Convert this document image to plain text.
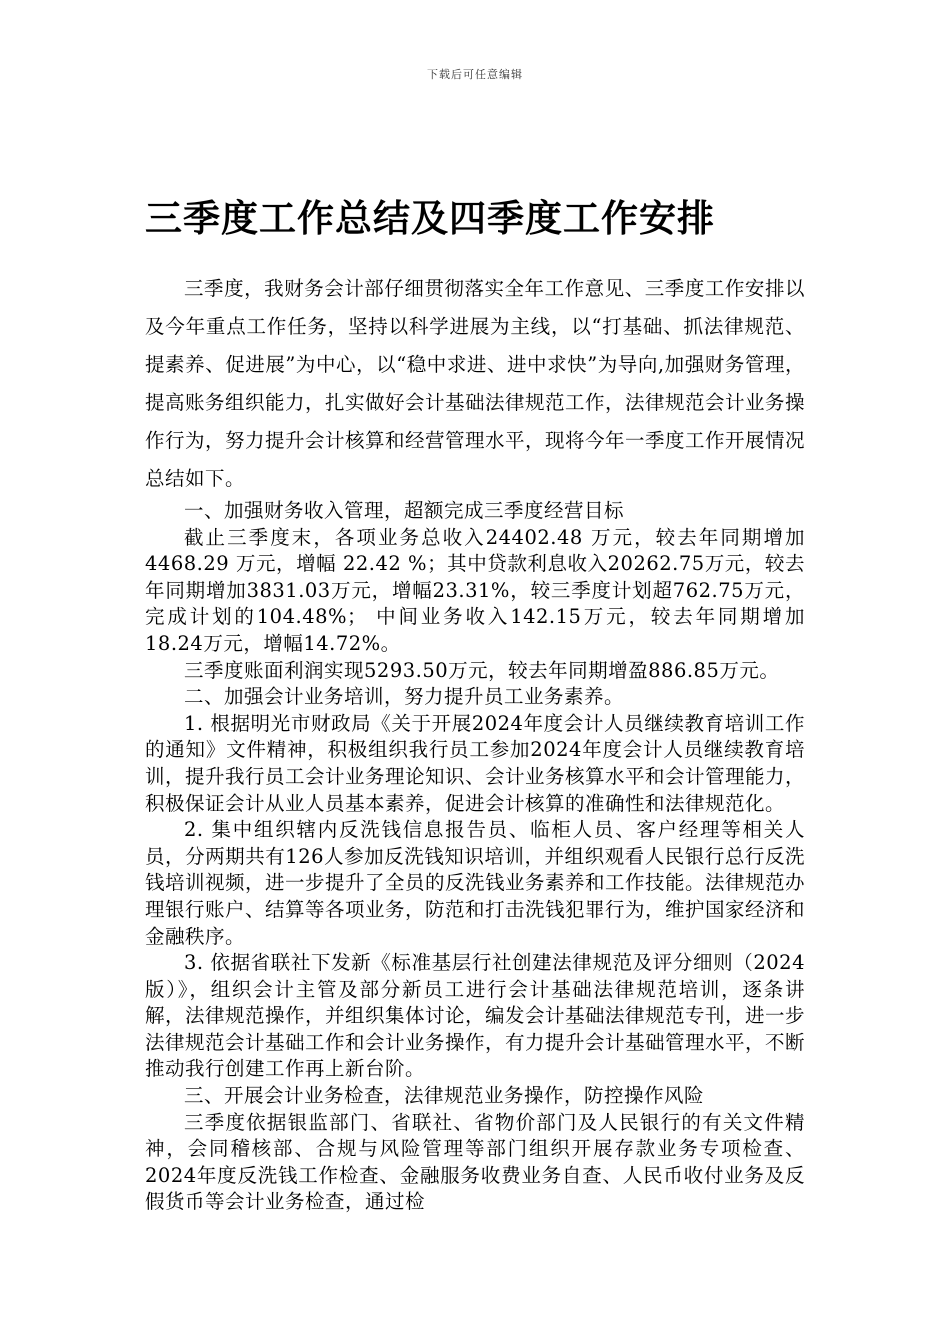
下载后可任意编辑
三季度工作总结及四季度工作安排

三季度，我财务会计部仔细贯彻落实全年工作意见、三季度工作安排以及今年重点工作任务，坚持以科学进展为主线，以“打基础、抓法律规范、提素养、促进展”为中心，以“稳中求进、进中求快”为导向,加强财务管理，提高账务组织能力，扎实做好会计基础法律规范工作，法律规范会计业务操作行为，努力提升会计核算和经营管理水平，现将今年一季度工作开展情况总结如下。

一、加强财务收入管理，超额完成三季度经营目标

截止三季度末，各项业务总收入24402.48 万元，较去年同期增加 4468.29 万元，增幅 22.42 %；其中贷款利息收入20262.75万元，较去年同期增加3831.03万元，增幅23.31%，较三季度计划超762.75万元，完成计划的104.48%； 中间业务收入142.15万元，较去年同期增加18.24万元，增幅14.72%。

三季度账面利润实现5293.50万元，较去年同期增盈886.85万元。

二、加强会计业务培训，努力提升员工业务素养。

1. 根据明光市财政局《关于开展2024年度会计人员继续教育培训工作的通知》文件精神，积极组织我行员工参加2024年度会计人员继续教育培训，提升我行员工会计业务理论知识、会计业务核算水平和会计管理能力，积极保证会计从业人员基本素养，促进会计核算的准确性和法律规范化。

2. 集中组织辖内反洗钱信息报告员、临柜人员、客户经理等相关人员，分两期共有126人参加反洗钱知识培训，并组织观看人民银行总行反洗钱培训视频，进一步提升了全员的反洗钱业务素养和工作技能。法律规范办理银行账户、结算等各项业务，防范和打击洗钱犯罪行为，维护国家经济和金融秩序。

3. 依据省联社下发新《标准基层行社创建法律规范及评分细则（2024版）》，组织会计主管及部分新员工进行会计基础法律规范培训，逐条讲解，法律规范操作，并组织集体讨论，编发会计基础法律规范专刊，进一步法律规范会计基础工作和会计业务操作，有力提升会计基础管理水平，不断推动我行创建工作再上新台阶。

三、开展会计业务检查，法律规范业务操作，防控操作风险

三季度依据银监部门、省联社、省物价部门及人民银行的有关文件精神，会同稽核部、合规与风险管理等部门组织开展存款业务专项检查、2024年度反洗钱工作检查、金融服务收费业务自查、人民币收付业务及反假货币等会计业务检查，通过检
